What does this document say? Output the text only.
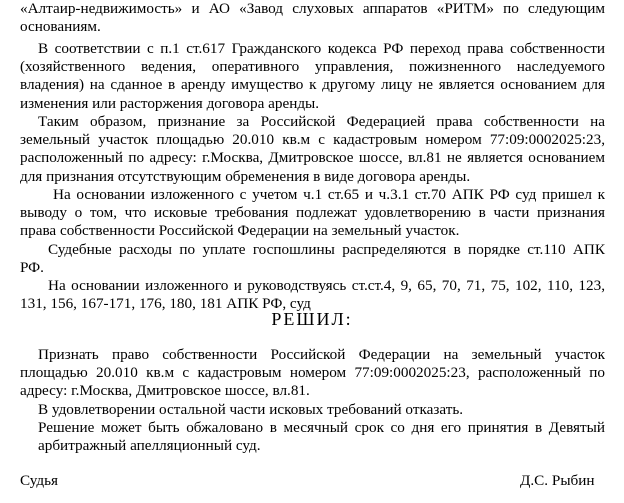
«Алтаир-недвижимость» и АО «Завод слуховых аппаратов «РИТМ» по следующим
основаниям.
В соответствии с п.1 ст.617 Гражданского кодекса РФ переход права собственности
(хозяйственного ведения, оперативного управления, пожизненного наследуемого
владения) на сданное в аренду имущество к другому лицу не является основанием для
изменения или расторжения договора аренды.
Таким образом, признание за Российской Федерацией права собственности на
земельный участок площадью 20.010 кв.м с кадастровым номером 77:09:0002025:23,
расположенный по адресу: г.Москва, Дмитровское шоссе, вл.81 не является основанием
для признания отсутствующим обременения в виде договора аренды.
На основании изложенного с учетом ч.1 ст.65 и ч.3.1 ст.70 АПК РФ суд пришел к
выводу о том, что исковые требования подлежат удовлетворению в части признания
права собственности Российской Федерации на земельный участок.
Судебные расходы по уплате госпошлины распределяются в порядке ст.110 АПК
РФ.
На основании изложенного и руководствуясь ст.ст.4, 9, 65, 70, 71, 75, 102, 110, 123,
131, 156, 167-171, 176, 180, 181 АПК РФ, суд
РЕШИЛ:
Признать право собственности Российской Федерации на земельный участок
площадью 20.010 кв.м с кадастровым номером 77:09:0002025:23, расположенный по
адресу: г.Москва, Дмитровское шоссе, вл.81.
В удовлетворении остальной части исковых требований отказать.
Решение может быть обжаловано в месячный срок со дня его принятия в Девятый
арбитражный апелляционный суд.
Судья	Д.С. Рыбин
